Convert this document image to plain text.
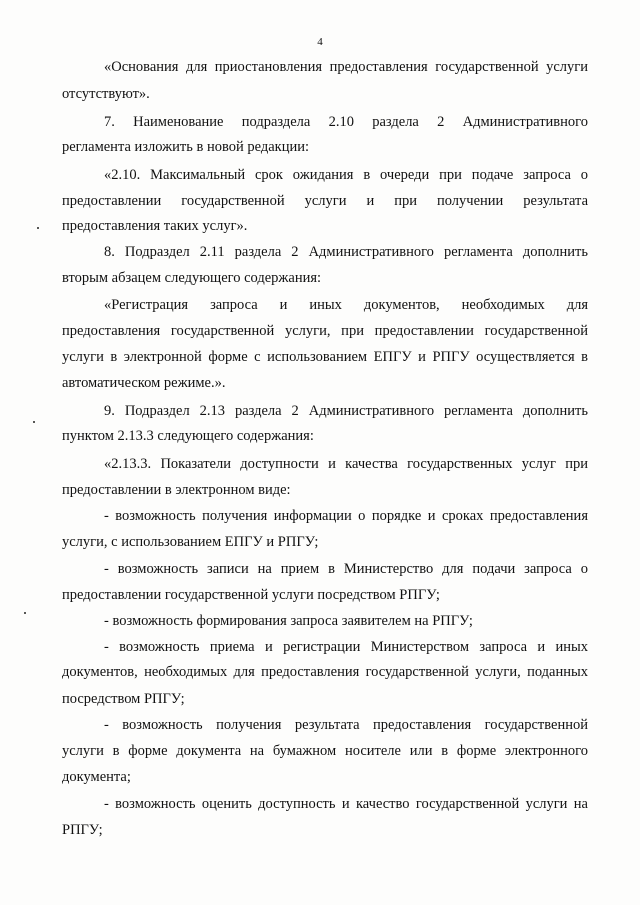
4
«Основания для приостановления предоставления государственной услуги
отсутствуют».
7. Наименование подраздела 2.10 раздела 2 Административного
регламента изложить в новой редакции:
«2.10. Максимальный срок ожидания в очереди при подаче запроса о
предоставлении государственной услуги и при получении результата
предоставления таких услуг».
8. Подраздел 2.11 раздела 2 Административного регламента дополнить
вторым абзацем следующего содержания:
«Регистрация запроса и иных документов, необходимых для
предоставления государственной услуги, при предоставлении государственной
услуги в электронной форме с использованием ЕПГУ и РПГУ осуществляется в
автоматическом режиме.».
9. Подраздел 2.13 раздела 2 Административного регламента дополнить
пунктом 2.13.3 следующего содержания:
«2.13.3. Показатели доступности и качества государственных услуг при
предоставлении в электронном виде:
- возможность получения информации о порядке и сроках предоставления
услуги, с использованием ЕПГУ и РПГУ;
- возможность записи на прием в Министерство для подачи запроса о
предоставлении государственной услуги посредством РПГУ;
- возможность формирования запроса заявителем на РПГУ;
- возможность приема и регистрации Министерством запроса и иных
документов, необходимых для предоставления государственной услуги, поданных
посредством РПГУ;
- возможность получения результата предоставления государственной
услуги в форме документа на бумажном носителе или в форме электронного
документа;
- возможность оценить доступность и качество государственной услуги на
РПГУ;
